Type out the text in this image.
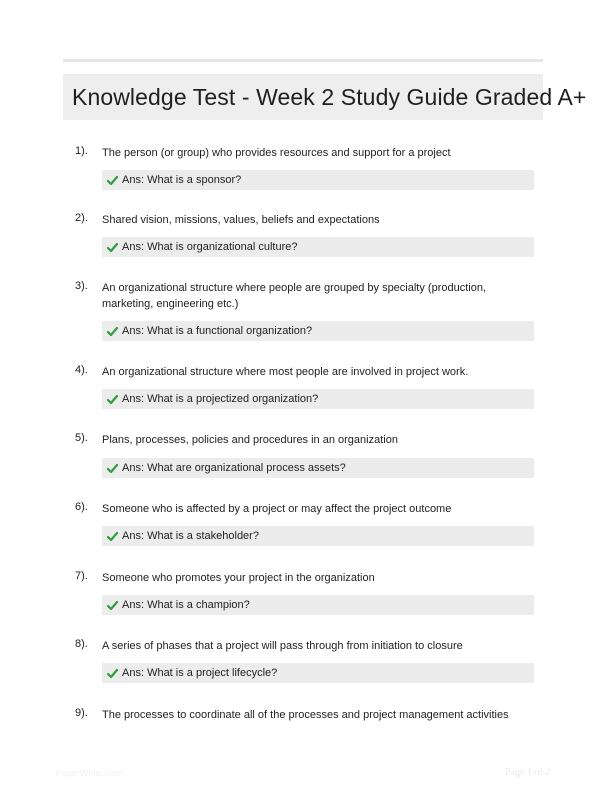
Knowledge Test - Week 2 Study Guide Graded A+
1). The person (or group) who provides resources and support for a project
Ans: What is a sponsor?
2). Shared vision, missions, values, beliefs and expectations
Ans: What is organizational culture?
3). An organizational structure where people are grouped by specialty (production, marketing, engineering etc.)
Ans: What is a functional organization?
4). An organizational structure where most people are involved in project work.
Ans: What is a projectized organization?
5). Plans, processes, policies and procedures in an organization
Ans: What are organizational process assets?
6). Someone who is affected by a project or may affect the project outcome
Ans: What is a stakeholder?
7). Someone who promotes your project in the organization
Ans: What is a champion?
8). A series of phases that a project will pass through from initiation to closure
Ans: What is a project lifecycle?
9). The processes to coordinate all of the processes and project management activities
PaperWhite.com	Page 1 of 2
